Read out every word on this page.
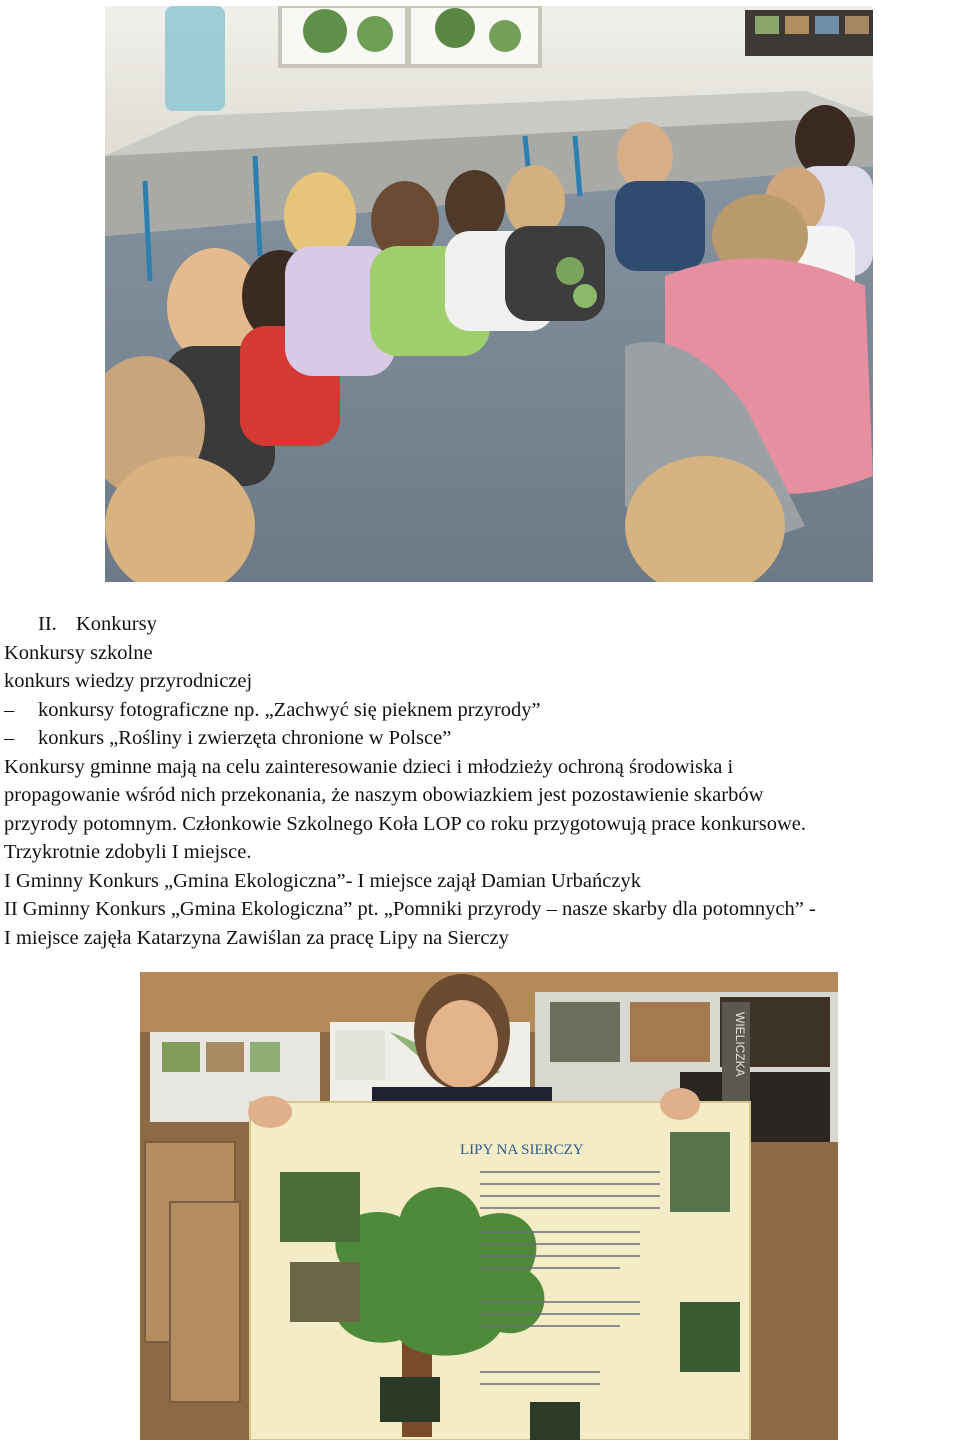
II. Konkursy
Konkursy szkolne
konkurs wiedzy przyrodniczej
– konkursy fotograficzne np. „Zachwyć się pieknem przyrody”
– konkurs „Rośliny i zwierzęta chronione w Polsce”
Konkursy gminne mają na celu zainteresowanie dzieci i młodzieży ochroną środowiska i
propagowanie wśród nich przekonania, że naszym obowiazkiem jest pozostawienie skarbów
przyrody potomnym. Członkowie Szkolnego Koła LOP co roku przygotowują prace konkursowe.
Trzykrotnie zdobyli I miejsce.
I Gminny Konkurs „Gmina Ekologiczna”- I miejsce zajął Damian Urbańczyk
II Gminny Konkurs „Gmina Ekologiczna” pt. „Pomniki przyrody – nasze skarby dla potomnych” -
I miejsce zajęła Katarzyna Zawiślan za pracę Lipy na Sierczy
WIELICZKA
LIPY NA SIERCZY
